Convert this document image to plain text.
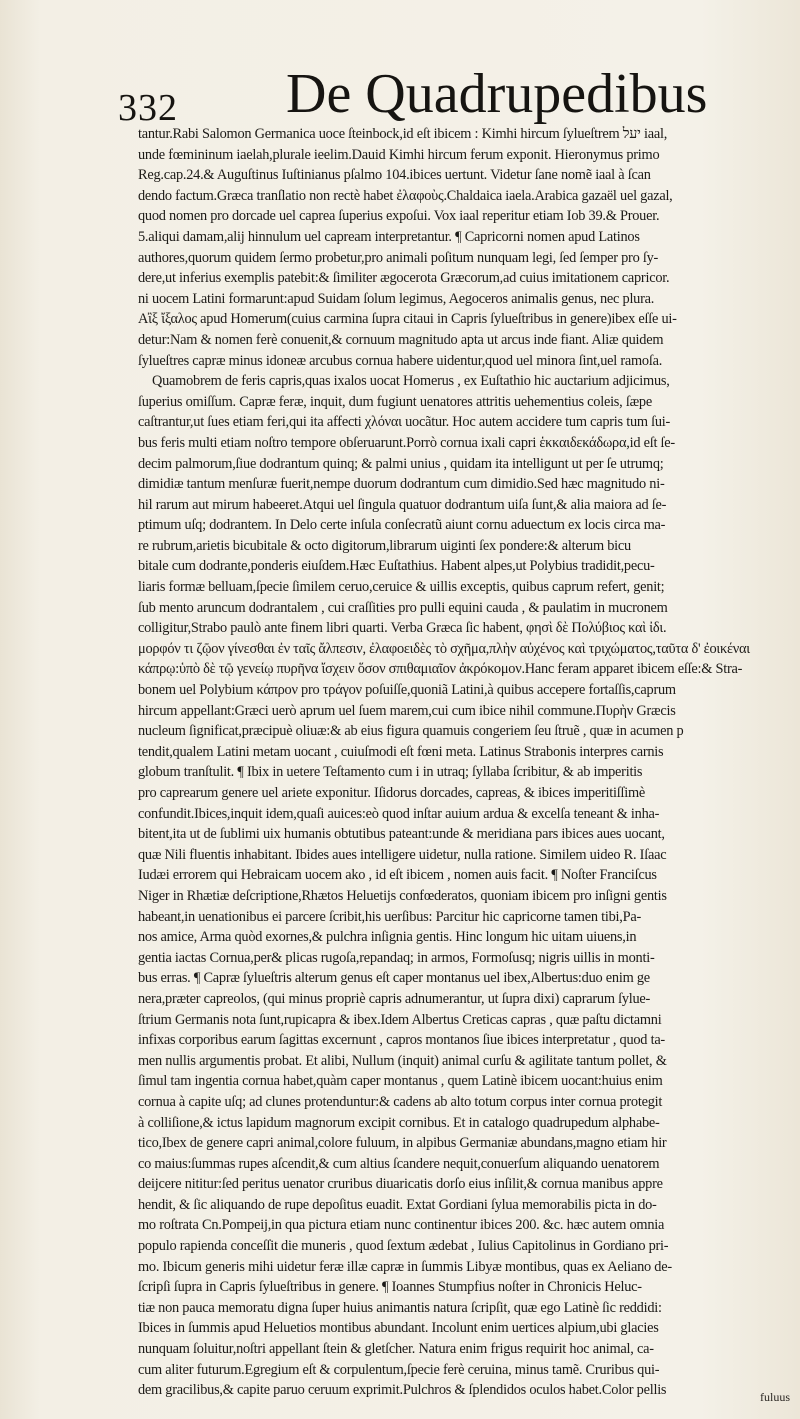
332 De Quadrupedibus
tantur.Rabi Salomon Germanica uoce ſteinbock,id eſt ibicem : Kimhi hircum ſylueſtrem יעל iaal,
unde fœmininum iaelah,plurale ieelim.Dauid Kimhi hircum ferum exponit. Hieronymus primo
Reg.cap.24.& Auguſtinus Iuſtinianus pſalmo 104.ibices uertunt. Videtur ſane nomẽ iaal à ſcan
dendo factum.Græca tranſlatio non rectè habet ἐλαφοὺς.Chaldaica iaela.Arabica gazaël uel gazal,
quod nomen pro dorcade uel caprea ſuperius expoſui. Vox iaal reperitur etiam Iob 39.& Prouer.
5.aliqui damam,alij hinnulum uel capream interpretantur. ¶ Capricorni nomen apud Latinos
authores,quorum quidem ſermo probetur,pro animali poſitum nunquam legi, ſed ſemper pro ſy-
dere,ut inferius exemplis patebit:& ſimiliter ægocerota Græcorum,ad cuius imitationem capricor.
ni uocem Latini formarunt:apud Suidam ſolum legimus, Aegoceros animalis genus, nec plura.
Αἲξ ἴξαλος apud Homerum(cuius carmina ſupra citaui in Capris ſylueſtribus in genere)ibex eſſe ui-
detur:Nam & nomen ferè conuenit,& cornuum magnitudo apta ut arcus inde fiant. Aliæ quidem
ſylueſtres capræ minus idoneæ arcubus cornua habere uidentur,quod uel minora ſint,uel ramoſa.
Quamobrem de feris capris,quas ixalos uocat Homerus , ex Euſtathio hic auctarium adjicimus,
ſuperius omiſſum. Capræ feræ, inquit, dum fugiunt uenatores attritis uehementius coleis, ſæpe
caſtrantur,ut ſues etiam feri,qui ita affecti χλόναι uocãtur. Hoc autem accidere tum capris tum ſui-
bus feris multi etiam noſtro tempore obſeruarunt.Porrò cornua ixali capri ἑκκαιδεκάδωρα,id eſt ſe-
decim palmorum,ſiue dodrantum quinq; & palmi unius , quidam ita intelligunt ut per ſe utrumq;
dimidiæ tantum menſuræ fuerit,nempe duorum dodrantum cum dimidio.Sed hæc magnitudo ni-
hil rarum aut mirum habeeret.Atqui uel ſingula quatuor dodrantum uiſa ſunt,& alia maiora ad ſe-
ptimum uſq; dodrantem. In Delo certe inſula conſecratũ aiunt cornu aduectum ex locis circa ma-
re rubrum,arietis bicubitale & octo digitorum,librarum uiginti ſex pondere:& alterum bicu
bitale cum dodrante,ponderis eiuſdem.Hæc Euſtathius. Habent alpes,ut Polybius tradidit,pecu-
liaris formæ belluam,ſpecie ſimilem ceruo,ceruice & uillis exceptis, quibus caprum refert, genit;
ſub mento aruncum dodrantalem , cui craſſities pro pulli equini cauda , & paulatim in mucronem
colligitur,Strabo paulò ante finem libri quarti. Verba Græca ſic habent, φησὶ δὲ Πολύβιος καὶ ἰδι.
μορφόν τι ζῷον γίνεσθαι ἐν ταῖς ἄλπεσιν, ἐλαφοειδὲς τὸ σχῆμα,πλὴν αὐχένος καὶ τριχώματος,ταῦτα δ' ἐοικέναι
κάπρῳ:ὑπὸ δὲ τῷ γενείῳ πυρῆνα ἴσχειν ὅσον σπιθαμιαῖον ἀκρόκομον.Hanc feram apparet ibicem eſſe:& Stra-
bonem uel Polybium κάπρον pro τράγον poſuiſſe,quoniã Latini,à quibus accepere fortaſſis,caprum
hircum appellant:Græci uerò aprum uel ſuem marem,cui cum ibice nihil commune.Πυρὴν Græcis
nucleum ſignificat,præcipuè oliuæ:& ab eius figura quamuis congeriem ſeu ſtruẽ , quæ in acumen p
tendit,qualem Latini metam uocant , cuiuſmodi eſt fœni meta. Latinus Strabonis interpres carnis
globum tranſtulit. ¶ Ibix in uetere Teſtamento cum i in utraq; ſyllaba ſcribitur, & ab imperitis
pro caprearum genere uel ariete exponitur. Iſidorus dorcades, capreas, & ibices imperitiſſimè
confundit.Ibices,inquit idem,quaſi auices:eò quod inſtar auium ardua & excelſa teneant & inha-
bitent,ita ut de ſublimi uix humanis obtutibus pateant:unde & meridiana pars ibices aues uocant,
quæ Nili fluentis inhabitant. Ibides aues intelligere uidetur, nulla ratione. Similem uideo R. Iſaac
Iudæi errorem qui Hebraicam uocem ako , id eſt ibicem , nomen auis facit. ¶ Noſter Franciſcus
Niger in Rhætiæ deſcriptione,Rhætos Heluetijs confœderatos, quoniam ibicem pro inſigni gentis
habeant,in uenationibus ei parcere ſcribit,his uerſibus: Parcitur hic capricorne tamen tibi,Pa-
nos amice, Arma quòd exornes,& pulchra inſignia gentis. Hinc longum hic uitam uiuens,in
gentia iactas Cornua,per& plicas rugoſa,repandaq; in armos, Formoſusq; nigris uillis in monti-
bus erras. ¶ Capræ ſylueſtris alterum genus eſt caper montanus uel ibex,Albertus:duo enim ge
nera,præter capreolos, (qui minus propriè capris adnumerantur, ut ſupra dixi) caprarum ſylue-
ſtrium Germanis nota ſunt,rupicapra & ibex.Idem Albertus Creticas capras , quæ paſtu dictamni
infixas corporibus earum ſagittas excernunt , capros montanos ſiue ibices interpretatur , quod ta-
men nullis argumentis probat. Et alibi, Nullum (inquit) animal curſu & agilitate tantum pollet, &
ſimul tam ingentia cornua habet,quàm caper montanus , quem Latinè ibicem uocant:huius enim
cornua à capite uſq; ad clunes protenduntur:& cadens ab alto totum corpus inter cornua protegit
à colliſione,& ictus lapidum magnorum excipit cornibus. Et in catalogo quadrupedum alphabe-
tico,Ibex de genere capri animal,colore fuluum, in alpibus Germaniæ abundans,magno etiam hir
co maius:ſummas rupes aſcendit,& cum altius ſcandere nequit,conuerſum aliquando uenatorem
deijcere nititur:ſed peritus uenator cruribus diuaricatis dorſo eius inſilit,& cornua manibus appre
hendit, & ſic aliquando de rupe depoſitus euadit. Extat Gordiani ſylua memorabilis picta in do-
mo roſtrata Cn.Pompeij,in qua pictura etiam nunc continentur ibices 200. &c. hæc autem omnia
populo rapienda conceſſit die muneris , quod ſextum ædebat , Iulius Capitolinus in Gordiano pri-
mo. Ibicum generis mihi uidetur feræ illæ capræ in ſummis Libyæ montibus, quas ex Aeliano de-
ſcripſi ſupra in Capris ſylueſtribus in genere. ¶ Ioannes Stumpfius noſter in Chronicis Heluc-
tiæ non pauca memoratu digna ſuper huius animantis natura ſcripſit, quæ ego Latinè ſic reddidi:
Ibices in ſummis apud Heluetios montibus abundant. Incolunt enim uertices alpium,ubi glacies
nunquam ſoluitur,noſtri appellant ſtein & gletſcher. Natura enim frigus requirit hoc animal, ca-
cum aliter futurum.Egregium eſt & corpulentum,ſpecie ferè ceruina, minus tamẽ. Cruribus qui-
dem gracilibus,& capite paruo ceruum exprimit.Pulchros & ſplendidos oculos habet.Color pellis	fuluus
